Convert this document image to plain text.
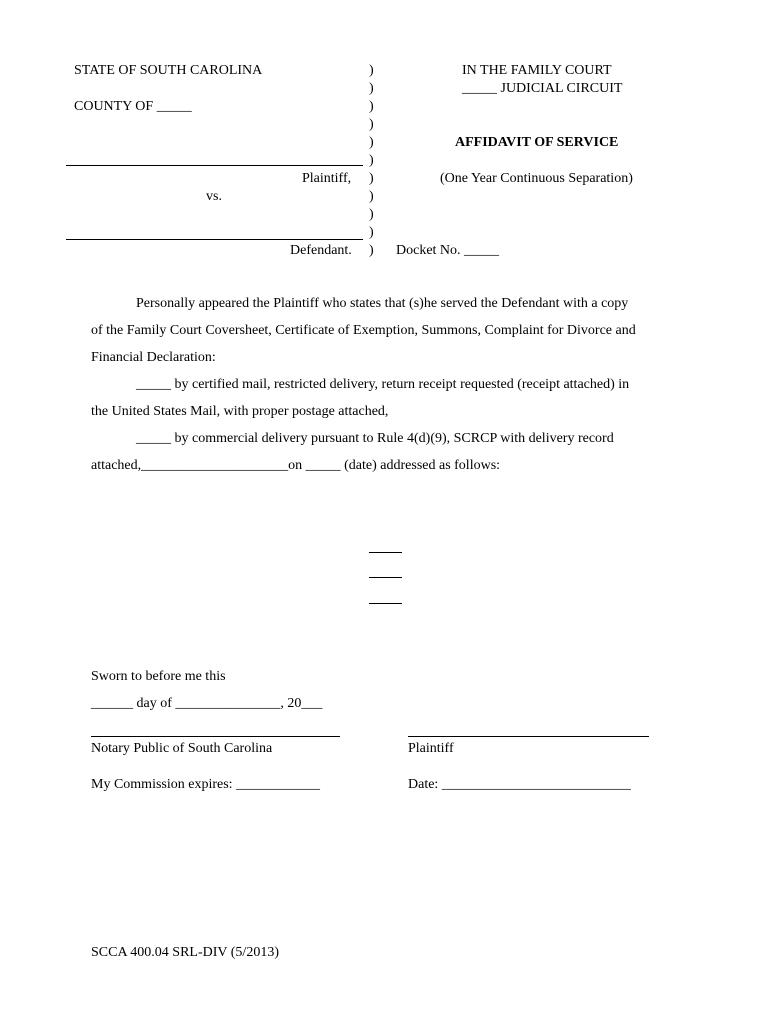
STATE OF SOUTH CAROLINA
COUNTY OF _____
Plaintiff,
vs.
Defendant.
)
)
)
)
)
)
)
)
)
)
)
IN THE FAMILY COURT
_____ JUDICIAL CIRCUIT
AFFIDAVIT OF SERVICE
(One Year Continuous Separation)
Docket No. _____
Personally appeared the Plaintiff who states that (s)he served the Defendant with a copy
of the Family Court Coversheet, Certificate of Exemption, Summons, Complaint for Divorce and
Financial Declaration:
_____ by certified mail, restricted delivery, return receipt requested (receipt attached) in
the United States Mail, with proper postage attached,
_____ by commercial delivery pursuant to Rule 4(d)(9), SCRCP with delivery record
attached,_____________________on _____ (date) addressed as follows:
Sworn to before me this
______ day of _______________, 20___
Notary Public of South Carolina	Plaintiff
My Commission expires: ____________	Date: ___________________________
SCCA 400.04 SRL-DIV (5/2013)
